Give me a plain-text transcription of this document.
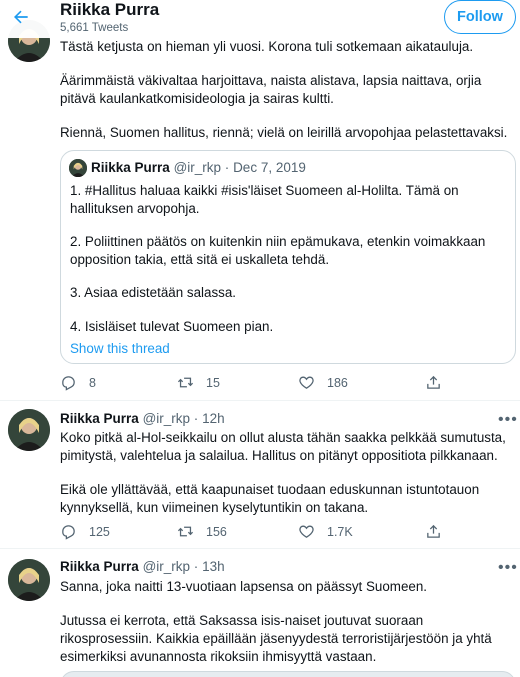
Riikka Purra
5,661 Tweets
Follow
Tästä ketjusta on hieman yli vuosi. Korona tuli sotkemaan aikatauluja.
Äärimmäistä väkivaltaa harjoittava, naista alistava, lapsia naittava, orjia pitävä kaulankatkomisideologia ja sairas kultti.
Riennä, Suomen hallitus, riennä; vielä on leirillä arvopohjaa pelastettavaksi.
Riikka Purra @ir_rkp · Dec 7, 2019
1. #Hallitus haluaa kaikki #isis'läiset Suomeen al-Holilta. Tämä on hallituksen arvopohja.
2. Poliittinen päätös on kuitenkin niin epämukava, etenkin voimakkaan opposition takia, että sitä ei uskalleta tehdä.
3. Asiaa edistetään salassa.
4. Isisläiset tulevat Suomeen pian.
Show this thread
8	15	186
Riikka Purra @ir_rkp · 12h	•••
Koko pitkä al-Hol-seikkailu on ollut alusta tähän saakka pelkkää sumutusta, pimitystä, valehtelua ja salailua. Hallitus on pitänyt oppositiota pilkkanaan.
Eikä ole yllättävää, että kaapunaiset tuodaan eduskunnan istuntotauon kynnyksellä, kun viimeinen kyselytuntikin on takana.
125	156	1.7K
Riikka Purra @ir_rkp · 13h	•••
Sanna, joka naitti 13-vuotiaan lapsensa on päässyt Suomeen.
Jutussa ei kerrota, että Saksassa isis-naiset joutuvat suoraan rikosprosessiin. Kaikkia epäillään jäsenyydestä terroristijärjestöön ja yhtä esimerkiksi avunannosta rikoksiin ihmisyyttä vastaan.
